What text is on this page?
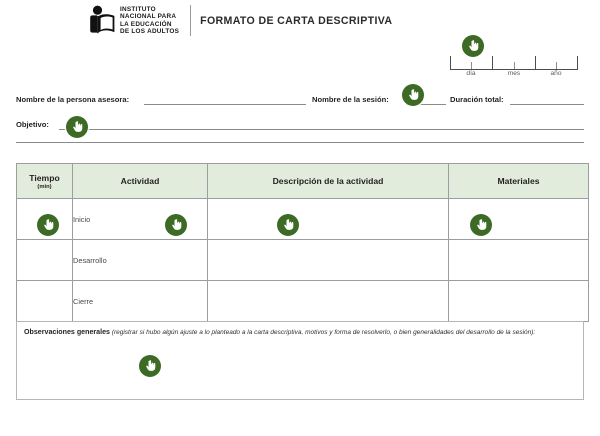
INSTITUTO
NACIONAL PARA
LA EDUCACIÓN
DE LOS ADULTOS
FORMATO DE CARTA DESCRIPTIVA
día	mes	año
Nombre de la persona asesora:	Nombre de la sesión:	Duración total:
Objetivo:
Tiempo
(min)	Actividad	Descripción de la actividad	Materiales
	Inicio		
	Desarrollo		
	Cierre		
Observaciones generales (registrar si hubo algún ajuste a lo planteado a la carta descriptiva, motivos y forma de resolverlo, o bien generalidades del desarrollo de la sesión):
